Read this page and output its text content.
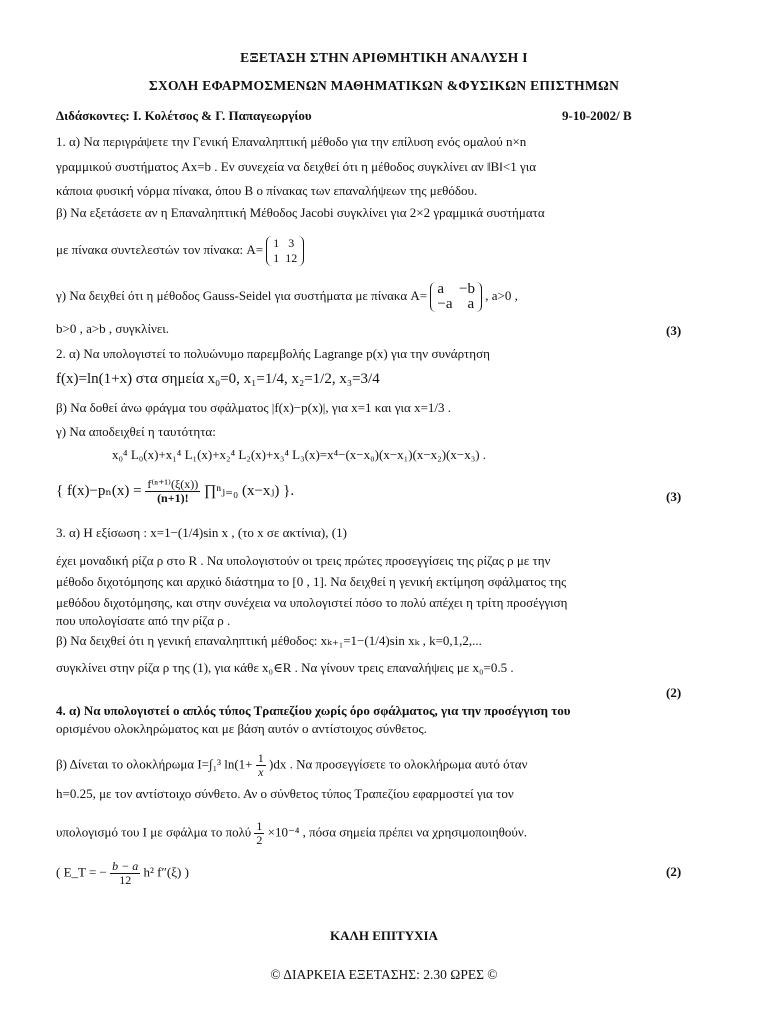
ΕΞΕΤΑΣΗ ΣΤΗΝ ΑΡΙΘΜΗΤΙΚΗ ΑΝΑΛΥΣΗ Ι
ΣΧΟΛΗ ΕΦΑΡΜΟΣΜΕΝΩΝ ΜΑΘΗΜΑΤΙΚΩΝ &ΦΥΣΙΚΩΝ ΕΠΙΣΤΗΜΩΝ
Διδάσκοντες: Ι. Κολέτσος & Γ. Παπαγεωργίου	9-10-2002/ Β
1. α) Να περιγράψετε την Γενική Επαναληπτική μέθοδο για την επίλυση ενός ομαλού n×n
γραμμικού συστήματος Ax=b . Εν συνεχεία να δειχθεί ότι η μέθοδος συγκλίνει αν ‖B‖<1 για
κάποια φυσική νόρμα πίνακα, όπου B ο πίνακας των επαναλήψεων της μεθόδου.
β) Να εξετάσετε αν η Επαναληπτική Μέθοδος Jacobi συγκλίνει για 2×2 γραμμικά συστήματα
με πίνακα συντελεστών τον πίνακα: A= 1 3
1 12
γ) Να δειχθεί ότι η μέθοδος Gauss-Seidel για συστήματα με πίνακα A= a −b
−a a , a>0 ,
b>0 , a>b , συγκλίνει.	(3)
2. α) Να υπολογιστεί το πολυώνυμο παρεμβολής Lagrange p(x) για την συνάρτηση
f(x)=ln(1+x) στα σημεία x₀=0, x₁=1/4, x₂=1/2, x₃=3/4
β) Να δοθεί άνω φράγμα του σφάλματος |f(x)−p(x)|, για x=1 και για x=1/3 .
γ) Να αποδειχθεί η ταυτότητα:
x₀⁴ L₀(x)+x₁⁴ L₁(x)+x₂⁴ L₂(x)+x₃⁴ L₃(x)=x⁴−(x−x₀)(x−x₁)(x−x₂)(x−x₃) .
{ $f(x)-p_n(x) = \frac{\text{f⁽ⁿ⁺¹⁾(ξ(x))}}{(n+1)!}$ ∏ⁿⱼ₌₀ (x−xⱼ) }.	(3)
3. α) Η εξίσωση : x=1−(1/4)sin x , (το x σε ακτίνια), (1)
έχει μοναδική ρίζα ρ στο R . Να υπολογιστούν οι τρεις πρώτες προσεγγίσεις της ρίζας ρ με την
μέθοδο διχοτόμησης και αρχικό διάστημα το [0 , 1]. Να δειχθεί η γενική εκτίμηση σφάλματος της
μεθόδου διχοτόμησης, και στην συνέχεια να υπολογιστεί πόσο το πολύ απέχει η τρίτη προσέγγιση
που υπολογίσατε από την ρίζα ρ .
β) Να δειχθεί ότι η γενική επαναληπτική μέθοδος: xₖ₊₁=1−(1/4)sin xₖ , k=0,1,2,...
συγκλίνει στην ρίζα ρ της (1), για κάθε x₀∈R . Να γίνουν τρεις επαναλήψεις με x₀=0.5 .
(2)
4. α) Να υπολογιστεί ο απλός τύπος Τραπεζίου χωρίς όρο σφάλματος, για την προσέγγιση του
ορισμένου ολοκληρώματος και με βάση αυτόν ο αντίστοιχος σύνθετος.
β) Δίνεται το ολοκλήρωμα I=∫₁³ $\ln(1+ \frac{1}{x} )dx$ . Να προσεγγίσετε το ολοκλήρωμα αυτό όταν
h=0.25, με τον αντίστοιχο σύνθετο. Αν ο σύνθετος τύπος Τραπεζίου εφαρμοστεί για τον
υπολογισμό του I με σφάλμα το πολύ $\frac{1}{2} \times 10^{-4}$ , πόσα σημεία πρέπει να χρησιμοποιηθούν.
( E_T = − $\frac{b - a}{12} h^2$ f″(ξ) )	(2)
ΚΑΛΗ ΕΠΙΤΥΧΙΑ
© ΔΙΑΡΚΕΙΑ ΕΞΕΤΑΣΗΣ: 2.30 ΩΡΕΣ ©
